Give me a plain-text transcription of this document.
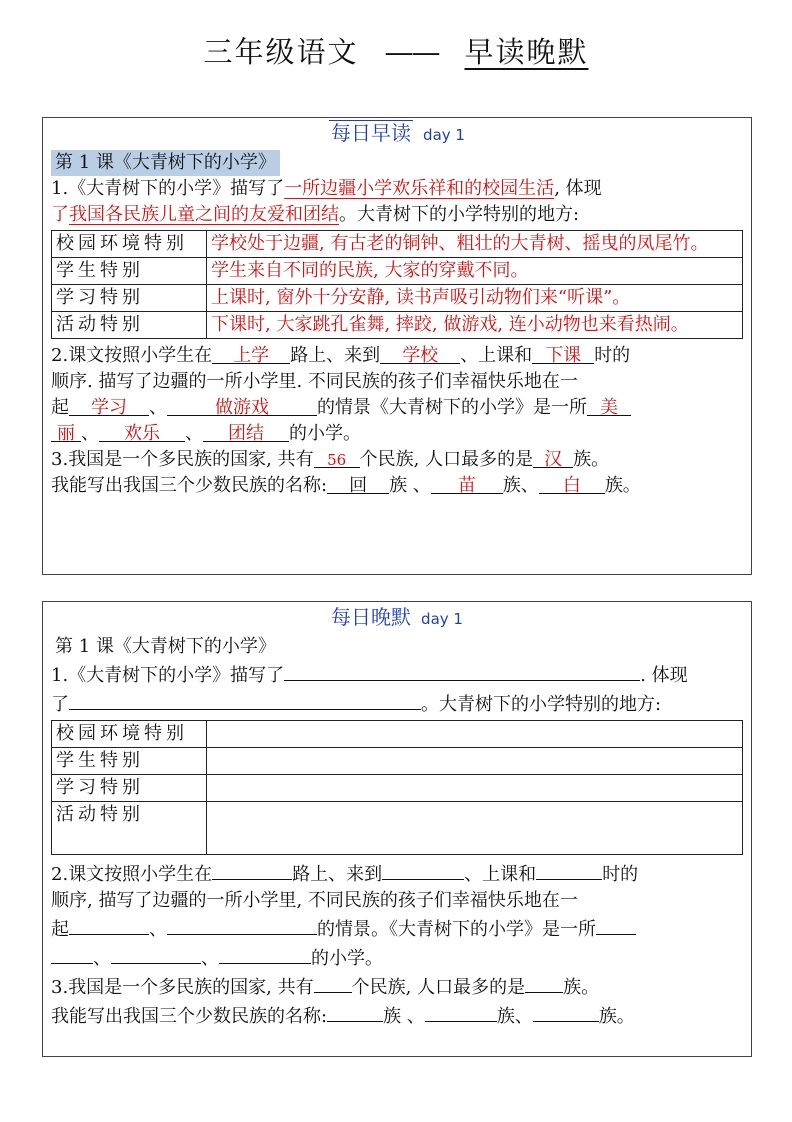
三年级语文 —— 早读晚默
每日早读 day 1

第 1 课《大青树下的小学》

1.《大青树下的小学》描写了一所边疆小学欢乐祥和的校园生活, 体现
了我国各民族儿童之间的友爱和团结。大青树下的小学特别的地方:

校园环境特别	学校处于边疆, 有古老的铜钟、粗壮的大青树、摇曳的凤尾竹。
学生特别	学生来自不同的民族, 大家的穿戴不同。
学习特别	上课时, 窗外十分安静, 读书声吸引动物们来“听课”。
活动特别	下课时, 大家跳孔雀舞, 摔跤, 做游戏, 连小动物也来看热闹。

2.课文按照小学生在 上学 路上、来到 学校 、上课和 下课 时的
顺序. 描写了边疆的一所小学里. 不同民族的孩子们幸福快乐地在一
起 学习 、	做游戏	的情景《大青树下的小学》是一所 美
丽 、 欢乐 、 团结 的小学。

3.我国是一个多民族的国家, 共有 56 个民族, 人口最多的是 汉 族。
我能写出我国三个少数民族的名称: 回 族 、 苗 族、 白 族。

每日晚默 day 1

第 1 课《大青树下的小学》

1.《大青树下的小学》描写了	. 体现
了	。大青树下的小学特别的地方:

校园环境特别	
学生特别	
学习特别	
活动特别	

2.课文按照小学生在	路上、来到	、上课和	时的
顺序, 描写了边疆的一所小学里, 不同民族的孩子们幸福快乐地在一
起	、	的情景。《大青树下的小学》是一所
、	、	的小学。

3.我国是一个多民族的国家, 共有 个民族, 人口最多的是 族。
我能写出我国三个少数民族的名称:	族 、	族、	族。
